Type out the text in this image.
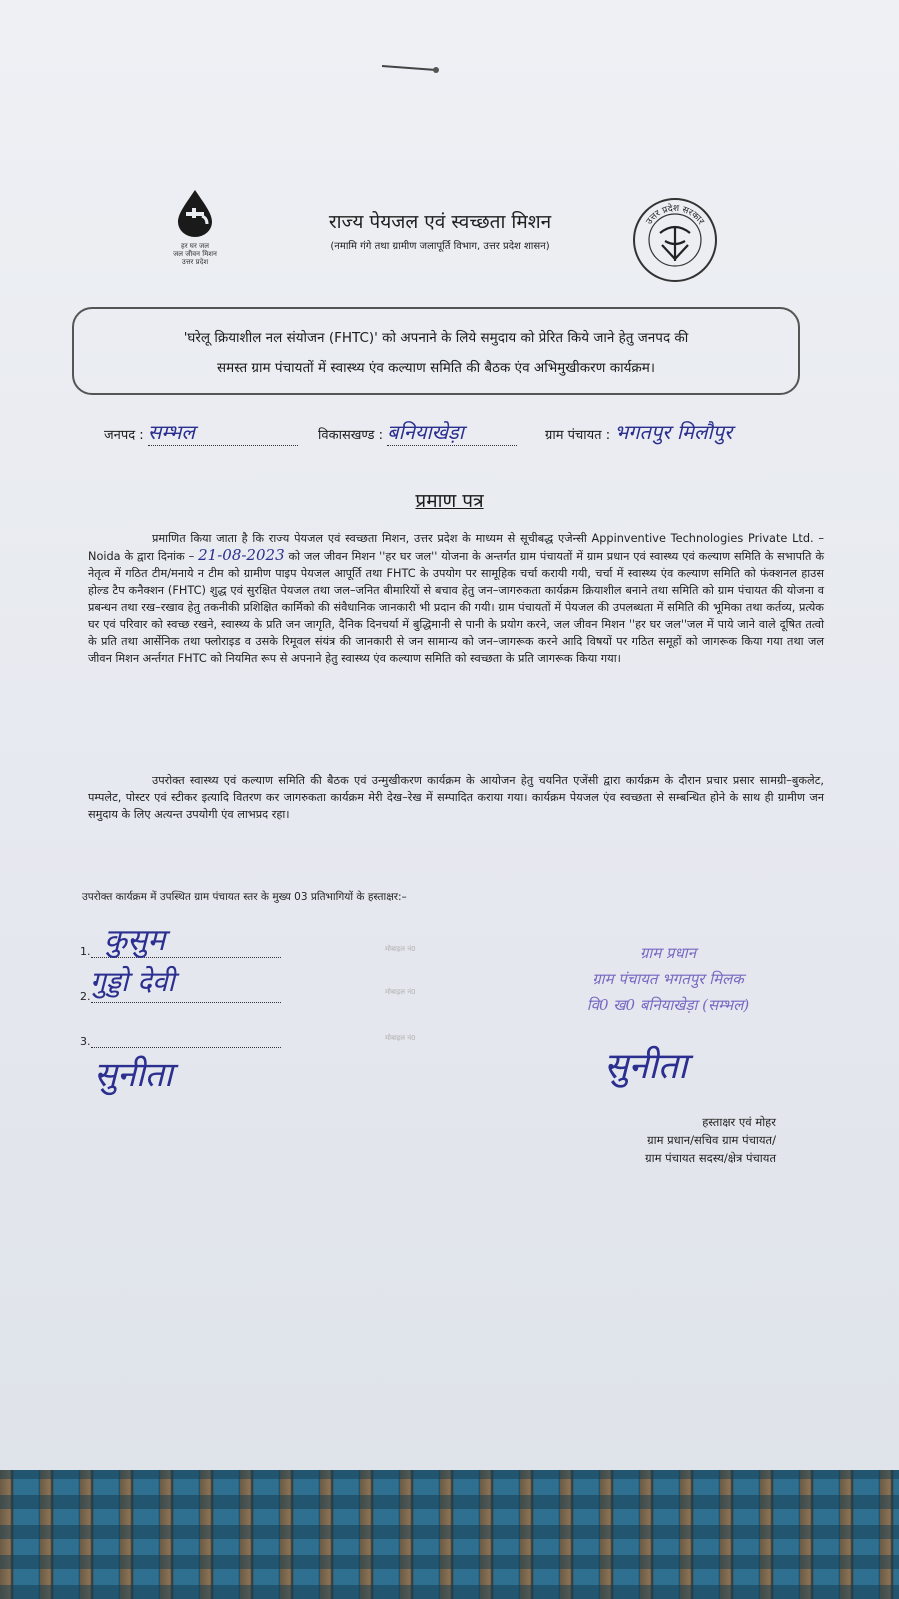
हर घर जल
जल जीवन मिशन
उत्तर प्रदेश
राज्य पेयजल एवं स्वच्छता मिशन
(नमामि गंगे तथा ग्रामीण जलापूर्ति विभाग, उत्तर प्रदेश शासन)
उत्तर प्रदेश सरकार
'घरेलू क्रियाशील नल संयोजन (FHTC)' को अपनाने के लिये समुदाय को प्रेरित किये जाने हेतु जनपद की
समस्त ग्राम पंचायतों में स्वास्थ्य एंव कल्याण समिति की बैठक एंव अभिमुखीकरण कार्यक्रम।
जनपद : सम्भल	विकासखण्ड : बनियाखेड़ा	ग्राम पंचायत : भगतपुर मिलौपुर
प्रमाण पत्र
प्रमाणित किया जाता है कि राज्य पेयजल एवं स्वच्छता मिशन, उत्तर प्रदेश के माध्यम से सूचीबद्ध एजेन्सी Appinventive Technologies Private Ltd. – Noida के द्वारा दिनांक – 21-08-2023 को जल जीवन मिशन ''हर घर जल'' योजना के अन्तर्गत ग्राम पंचायतों में ग्राम प्रधान एवं स्वास्थ्य एवं कल्याण समिति के सभापति के नेतृत्व में गठित टीम/मनाये न टीम को ग्रामीण पाइप पेयजल आपूर्ति तथा FHTC के उपयोग पर सामूहिक चर्चा करायी गयी, चर्चा में स्वास्थ्य एंव कल्याण समिति को फंक्शनल हाउस होल्ड टैप कनैक्शन (FHTC) शुद्ध एवं सुरक्षित पेयजल तथा जल–जनित बीमारियों से बचाव हेतु जन–जागरुकता कार्यक्रम क्रियाशील बनाने तथा समिति को ग्राम पंचायत की योजना व प्रबन्धन तथा रख–रखाव हेतु तकनीकी प्रशिक्षित कार्मिको की संवैधानिक जानकारी भी प्रदान की गयी। ग्राम पंचायतों में पेयजल की उपलब्धता में समिति की भूमिका तथा कर्तव्य, प्रत्येक घर एवं परिवार को स्वच्छ रखने, स्वास्थ्य के प्रति जन जागृति, दैनिक दिनचर्या में बुद्धिमानी से पानी के प्रयोग करने, जल जीवन मिशन ''हर घर जल''जल में पाये जाने वाले दूषित तत्वो के प्रति तथा आर्सेनिक तथा फ्लोराइड व उसके रिमूवल संयंत्र की जानकारी से जन सामान्य को जन–जागरूक करने आदि विषयों पर गठित समूहों को जागरूक किया गया तथा जल जीवन मिशन अर्न्तगत FHTC को नियमित रूप से अपनाने हेतु स्वास्थ्य एंव कल्याण समिति को स्वच्छता के प्रति जागरूक किया गया।
उपरोक्त स्वास्थ्य एवं कल्याण समिति की बैठक एवं उन्मुखीकरण कार्यक्रम के आयोजन हेतु चयनित एजेंसी द्वारा कार्यक्रम के दौरान प्रचार प्रसार सामग्री–बुकलेट, पम्पलेट, पोस्टर एवं स्टीकर इत्यादि वितरण कर जागरुकता कार्यक्रम मेरी देख–रेख में सम्पादित कराया गया। कार्यक्रम पेयजल एंव स्वच्छता से सम्बन्धित होने के साथ ही ग्रामीण जन समुदाय के लिए अत्यन्त उपयोगी एंव लाभप्रद रहा।
उपरोक्त कार्यक्रम में उपस्थित ग्राम पंचायत स्तर के मुख्य 03 प्रतिभागियों के हस्ताक्षर:–
1. कुसुम
2. गुड्डो देवी
3.
सुनीता
मोबाइल नं0
मोबाइल नं0
मोबाइल नं0
ग्राम प्रधान
ग्राम पंचायत भगतपुर मिलक
वि0 ख0 बनियाखेड़ा (सम्भल)
सुनीता
हस्ताक्षर एवं मोहर
ग्राम प्रधान/सचिव ग्राम पंचायत/
ग्राम पंचायत सदस्य/क्षेत्र पंचायत
